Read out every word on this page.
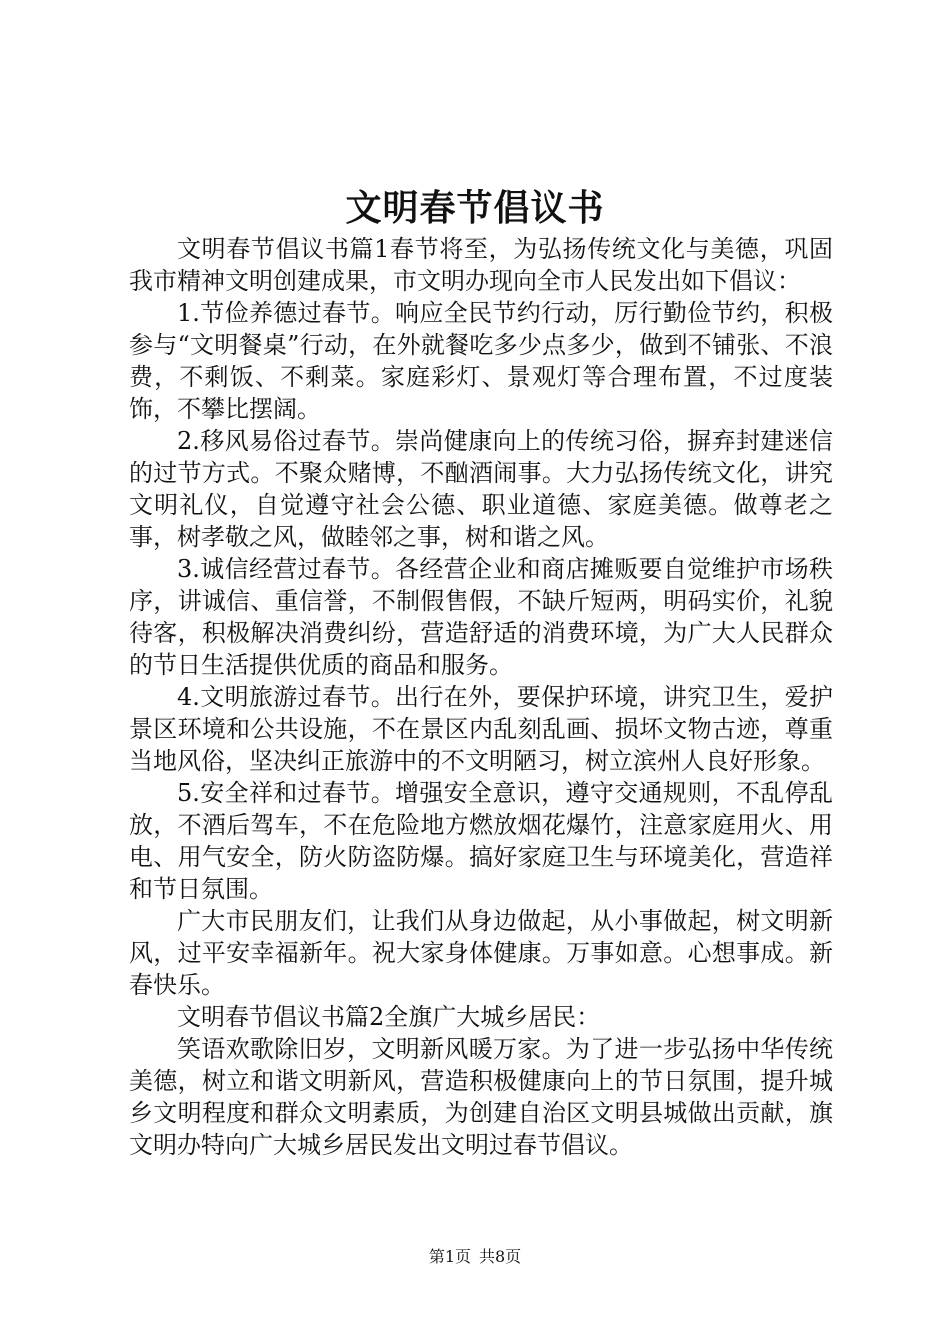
文明春节倡议书

文明春节倡议书篇1春节将至，为弘扬传统文化与美德，巩固我市精神文明创建成果，市文明办现向全市人民发出如下倡议：

1.节俭养德过春节。响应全民节约行动，厉行勤俭节约，积极参与“文明餐桌”行动，在外就餐吃多少点多少，做到不铺张、不浪费，不剩饭、不剩菜。家庭彩灯、景观灯等合理布置，不过度装饰，不攀比摆阔。

2.移风易俗过春节。崇尚健康向上的传统习俗，摒弃封建迷信的过节方式。不聚众赌博，不酗酒闹事。大力弘扬传统文化，讲究文明礼仪，自觉遵守社会公德、职业道德、家庭美德。做尊老之事，树孝敬之风，做睦邻之事，树和谐之风。

3.诚信经营过春节。各经营企业和商店摊贩要自觉维护市场秩序，讲诚信、重信誉，不制假售假，不缺斤短两，明码实价，礼貌待客，积极解决消费纠纷，营造舒适的消费环境，为广大人民群众的节日生活提供优质的商品和服务。

4.文明旅游过春节。出行在外，要保护环境，讲究卫生，爱护景区环境和公共设施，不在景区内乱刻乱画、损坏文物古迹，尊重当地风俗，坚决纠正旅游中的不文明陋习，树立滨州人良好形象。

5.安全祥和过春节。增强安全意识，遵守交通规则，不乱停乱放，不酒后驾车，不在危险地方燃放烟花爆竹，注意家庭用火、用电、用气安全，防火防盗防爆。搞好家庭卫生与环境美化，营造祥和节日氛围。

广大市民朋友们，让我们从身边做起，从小事做起，树文明新风，过平安幸福新年。祝大家身体健康。万事如意。心想事成。新春快乐。

文明春节倡议书篇2全旗广大城乡居民：

笑语欢歌除旧岁，文明新风暖万家。为了进一步弘扬中华传统美德，树立和谐文明新风，营造积极健康向上的节日氛围，提升城乡文明程度和群众文明素质，为创建自治区文明县城做出贡献，旗文明办特向广大城乡居民发出文明过春节倡议。

第1页 共8页
